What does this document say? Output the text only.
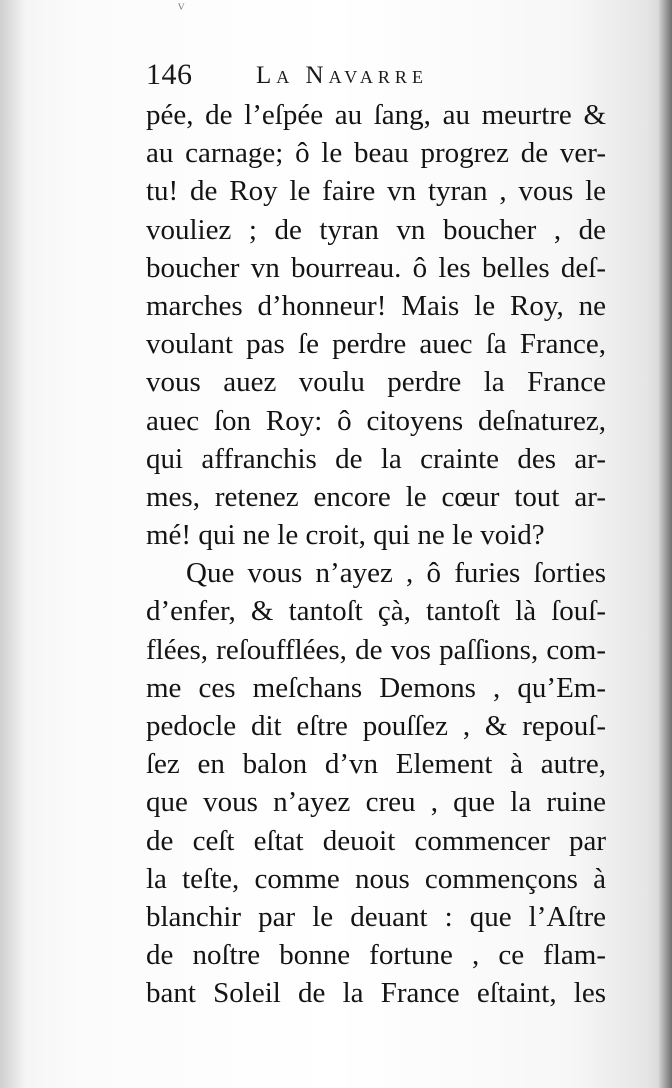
ⱽ
146	La Navarre
pée, de l’eſpée au ſang, au meurtre &
au carnage; ô le beau progrez de ver-
tu! de Roy le faire vn tyran , vous le
vouliez ; de tyran vn boucher , de
boucher vn bourreau. ô les belles deſ-
marches d’honneur! Mais le Roy, ne
voulant pas ſe perdre auec ſa France,
vous auez voulu perdre la France
auec ſon Roy: ô citoyens deſnaturez,
qui affranchis de la crainte des ar-
mes, retenez encore le cœur tout ar-
mé! qui ne le croit, qui ne le void?
Que vous n’ayez , ô furies ſorties
d’enfer, & tantoſt çà, tantoſt là ſouſ-
flées, reſoufflées, de vos paſſions, com-
me ces meſchans Demons , qu’Em-
pedocle dit eſtre pouſſez , & repouſ-
ſez en balon d’vn Element à autre,
que vous n’ayez creu , que la ruine
de ceſt eſtat deuoit commencer par
la teſte, comme nous commençons à
blanchir par le deuant : que l’Aſtre
de noſtre bonne fortune , ce flam-
bant Soleil de la France eſtaint, les
